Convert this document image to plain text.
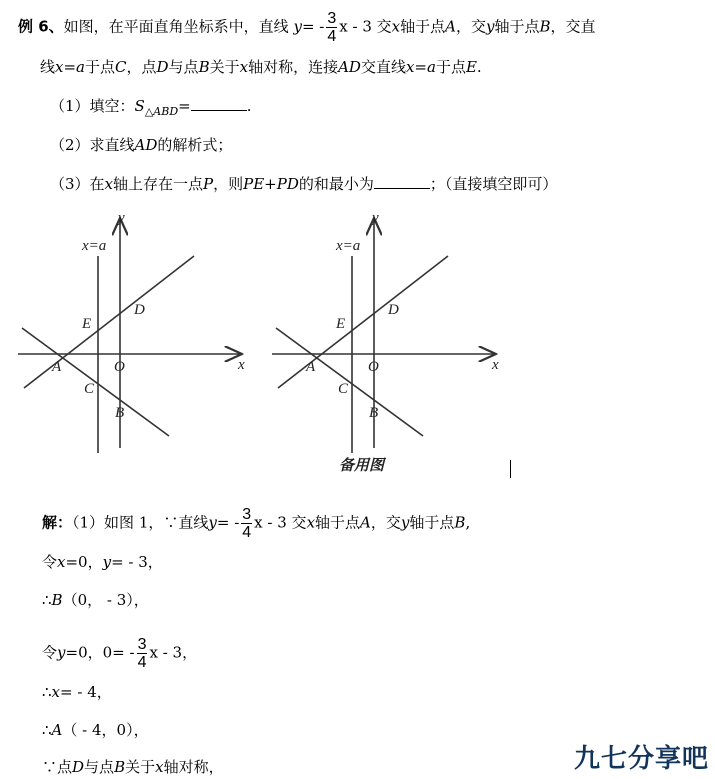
例 6、如图，在平面直角坐标系中，直线 $y= - \frac{3}{4}$ x - 3 交x轴于点A，交y轴于点B，交直
线x=a于点C，点D与点B关于x轴对称，连接AD交直线x=a于点E.
（1）填空：$S_{\triangle ABD}=$	.
（2）求直线AD的解析式；
（3）在x轴上存在一点P，则PE+PD的和最小为	；（直接填空即可）
x=a
y
x
A	O
B
C
D
E
x=a
y
x
A	O
B
C
D
E
备用图
解：（1）如图 1，∵直线$y= - \frac{3}{4}$ x - 3 交x轴于点A，交y轴于点B,
令x=0，y= - 3，
∴B（0， - 3），
令y=0，$0= - \frac{3}{4}$ x - 3，
∴x= - 4，
∴A（ - 4，0），
∵点D与点B关于x轴对称，	九七分享吧
